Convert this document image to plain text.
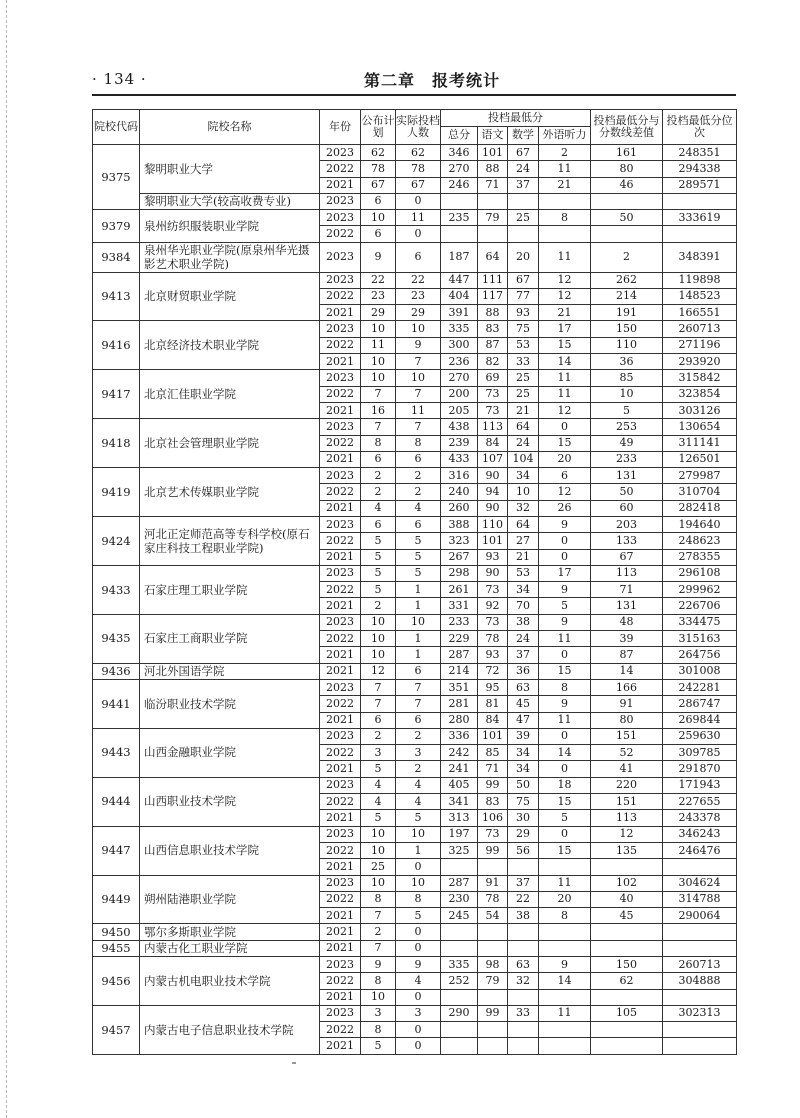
· 134 ·	第二章　报考统计
院校代码	院校名称	年份	公布计划	实际投档人数	投档最低分				投档最低分与分数线差值	投档最低分位次
					总分	语文	数学	外语听力		
9375	黎明职业大学	2023	62	62	346	101	67	2	161	248351
		2022	78	78	270	88	24	11	80	294338
		2021	67	67	246	71	37	21	46	289571
	黎明职业大学(较高收费专业)	2023	6	0						
9379	泉州纺织服装职业学院	2023	10	11	235	79	25	8	50	333619
		2022	6	0						
9384	泉州华光职业学院(原泉州华光摄影艺术职业学院)	2023	9	6	187	64	20	11	2	348391
9413	北京财贸职业学院	2023	22	22	447	111	67	12	262	119898
		2022	23	23	404	117	77	12	214	148523
		2021	29	29	391	88	93	21	191	166551
9416	北京经济技术职业学院	2023	10	10	335	83	75	17	150	260713
		2022	11	9	300	87	53	15	110	271196
		2021	10	7	236	82	33	14	36	293920
9417	北京汇佳职业学院	2023	10	10	270	69	25	11	85	315842
		2022	7	7	200	73	25	11	10	323854
		2021	16	11	205	73	21	12	5	303126
9418	北京社会管理职业学院	2023	7	7	438	113	64	0	253	130654
		2022	8	8	239	84	24	15	49	311141
		2021	6	6	433	107	104	20	233	126501
9419	北京艺术传媒职业学院	2023	2	2	316	90	34	6	131	279987
		2022	2	2	240	94	10	12	50	310704
		2021	4	4	260	90	32	26	60	282418
9424	河北正定师范高等专科学校(原石家庄科技工程职业学院)	2023	6	6	388	110	64	9	203	194640
		2022	5	5	323	101	27	0	133	248623
		2021	5	5	267	93	21	0	67	278355
9433	石家庄理工职业学院	2023	5	5	298	90	53	17	113	296108
		2022	5	1	261	73	34	9	71	299962
		2021	2	1	331	92	70	5	131	226706
9435	石家庄工商职业学院	2023	10	10	233	73	38	9	48	334475
		2022	10	1	229	78	24	11	39	315163
		2021	10	1	287	93	37	0	87	264756
9436	河北外国语学院	2021	12	6	214	72	36	15	14	301008
9441	临汾职业技术学院	2023	7	7	351	95	63	8	166	242281
		2022	7	7	281	81	45	9	91	286747
		2021	6	6	280	84	47	11	80	269844
9443	山西金融职业学院	2023	2	2	336	101	39	0	151	259630
		2022	3	3	242	85	34	14	52	309785
		2021	5	2	241	71	34	0	41	291870
9444	山西职业技术学院	2023	4	4	405	99	50	18	220	171943
		2022	4	4	341	83	75	15	151	227655
		2021	5	5	313	106	30	5	113	243378
9447	山西信息职业技术学院	2023	10	10	197	73	29	0	12	346243
		2022	10	1	325	99	56	15	135	246476
		2021	25	0						
9449	朔州陆港职业学院	2023	10	10	287	91	37	11	102	304624
		2022	8	8	230	78	22	20	40	314788
		2021	7	5	245	54	38	8	45	290064
9450	鄂尔多斯职业学院	2021	2	0						
9455	内蒙古化工职业学院	2021	7	0						
9456	内蒙古机电职业技术学院	2023	9	9	335	98	63	9	150	260713
		2022	8	4	252	79	32	14	62	304888
		2021	10	0						
9457	内蒙古电子信息职业技术学院	2023	3	3	290	99	33	11	105	302313
		2022	8	0						
		2021	5	0						
